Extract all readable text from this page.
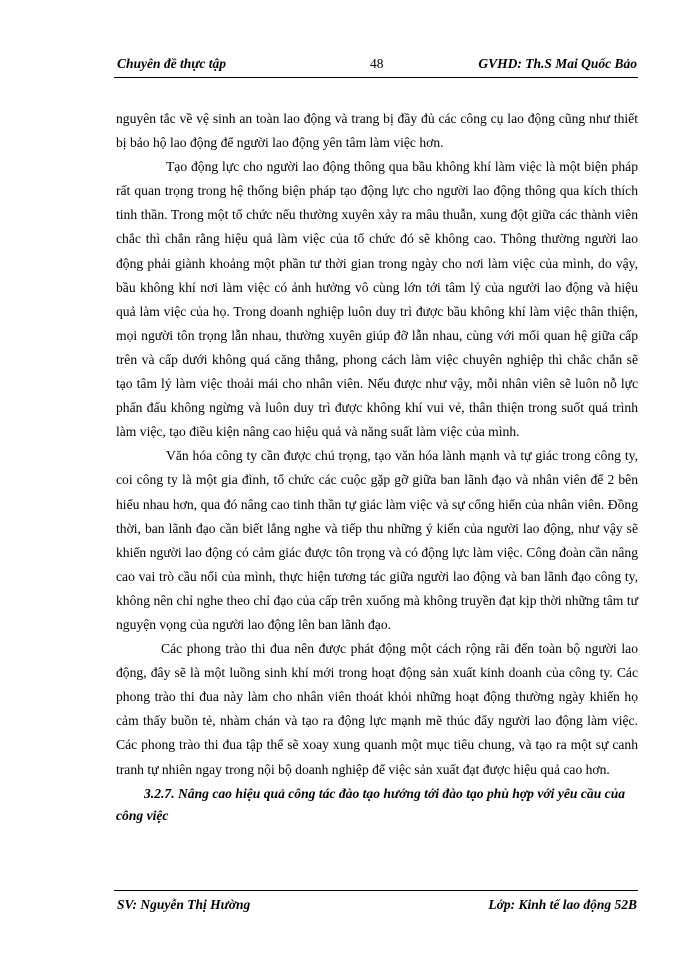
Chuyên đề thực tập	48	GVHD: Th.S Mai Quốc Bảo

nguyên tắc về vệ sinh an toàn lao động và trang bị đầy đủ các công cụ lao động cũng như thiết bị bảo hộ lao động để người lao động yên tâm làm việc hơn.

Tạo động lực cho người lao động thông qua bầu không khí làm việc là một biện pháp rất quan trọng trong hệ thống biện pháp tạo động lực cho người lao động thông qua kích thích tinh thần. Trong một tổ chức nếu thường xuyên xảy ra mâu thuẫn, xung đột giữa các thành viên chắc thì chắn rằng hiệu quả làm việc của tổ chức đó sẽ không cao. Thông thường người lao động phải giành khoảng một phần tư thời gian trong ngày cho nơi làm việc của mình, do vậy, bầu không khí nơi làm việc có ảnh hưởng vô cùng lớn tới tâm lý của người lao động và hiệu quả làm việc của họ. Trong doanh nghiệp luôn duy trì được bầu không khí làm việc thân thiện, mọi người tôn trọng lẫn nhau, thường xuyên giúp đỡ lẫn nhau, cùng với mối quan hệ giữa cấp trên và cấp dưới không quá căng thẳng, phong cách làm việc chuyên nghiệp thì chắc chắn sẽ tạo tâm lý làm việc thoải mái cho nhân viên. Nếu được như vậy, mỗi nhân viên sẽ luôn nỗ lực phấn đấu không ngừng và luôn duy trì được không khí vui vẻ, thân thiện trong suốt quá trình làm việc, tạo điều kiện nâng cao hiệu quả và năng suất làm việc của mình.

Văn hóa công ty cần được chú trọng, tạo văn hóa lành mạnh và tự giác trong công ty, coi công ty là một gia đình, tổ chức các cuộc gặp gỡ giữa ban lãnh đạo và nhân viên để 2 bên hiểu nhau hơn, qua đó nâng cao tinh thần tự giác làm việc và sự cống hiến của nhân viên. Đồng thời, ban lãnh đạo cần biết lắng nghe và tiếp thu những ý kiến của người lao động, như vậy sẽ khiến người lao động có cảm giác được tôn trọng và có động lực làm việc. Công đoàn cần nâng cao vai trò cầu nối của mình, thực hiện tương tác giữa người lao động và ban lãnh đạo công ty, không nên chỉ nghe theo chỉ đạo của cấp trên xuống mà không truyền đạt kịp thời những tâm tư nguyện vọng của người lao động lên ban lãnh đạo.

Các phong trào thi đua nên được phát động một cách rộng rãi đến toàn bộ người lao động, đây sẽ là một luồng sinh khí mới trong hoạt động sản xuất kinh doanh của công ty. Các phong trào thi đua này làm cho nhân viên thoát khỏi những hoạt động thường ngày khiến họ cảm thấy buồn tẻ, nhàm chán và tạo ra động lực mạnh mẽ thúc đẩy người lao động làm việc. Các phong trào thi đua tập thể sẽ xoay xung quanh một mục tiêu chung, và tạo ra một sự canh tranh tự nhiên ngay trong nội bộ doanh nghiệp để việc sản xuất đạt được hiệu quả cao hơn.

3.2.7. Nâng cao hiệu quả công tác đào tạo hướng tới đào tạo phù hợp với yêu cầu của công việc

SV: Nguyễn Thị Hường	Lớp: Kinh tế lao động 52B
